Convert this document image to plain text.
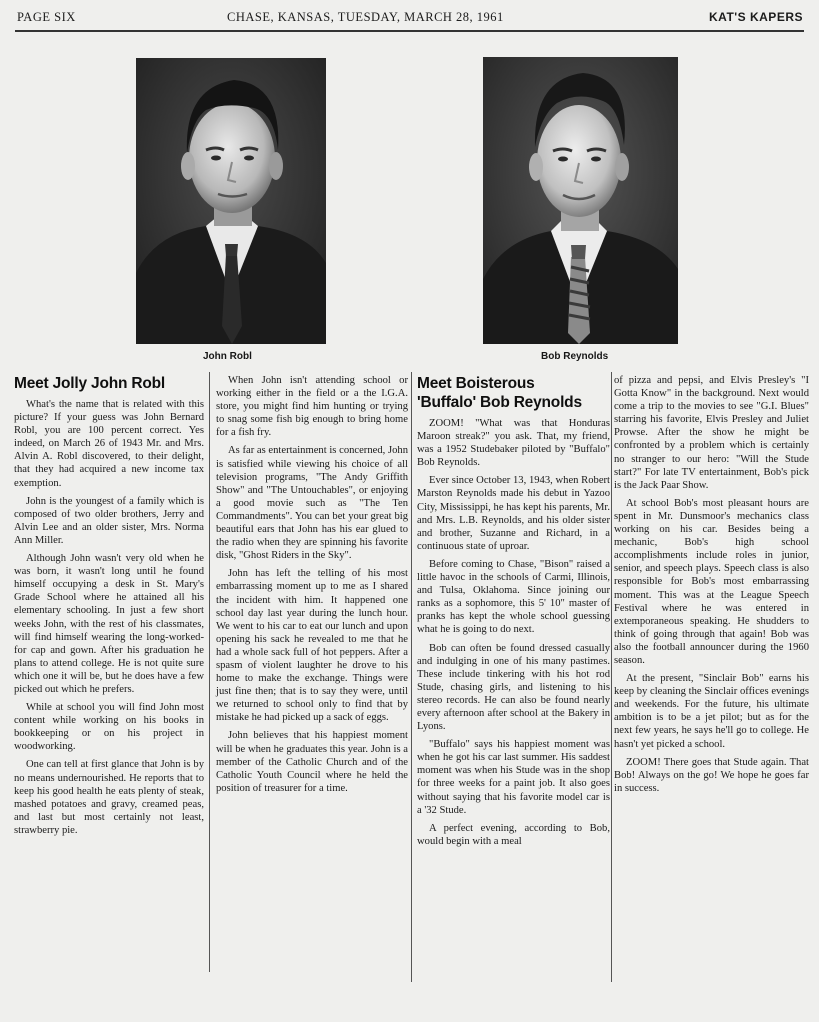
PAGE SIX	CHASE, KANSAS, TUESDAY, MARCH 28, 1961	KAT'S KAPERS
John Robl	Bob Reynolds
Meet Jolly John Robl

What's the name that is related with this picture? If your guess was John Bernard Robl, you are 100 percent correct. Yes indeed, on March 26 of 1943 Mr. and Mrs. Alvin A. Robl discovered, to their delight, that they had acquired a new income tax exemption.

John is the youngest of a family which is composed of two older brothers, Jerry and Alvin Lee and an older sister, Mrs. Norma Ann Miller.

Although John wasn't very old when he was born, it wasn't long until he found himself occupying a desk in St. Mary's Grade School where he attained all his elementary schooling. In just a few short weeks John, with the rest of his classmates, will find himself wearing the long-worked-for cap and gown. After his graduation he plans to attend college. He is not quite sure which one it will be, but he does have a few picked out which he prefers.

While at school you will find John most content while working on his books in bookkeeping or on his project in woodworking.

One can tell at first glance that John is by no means undernourished. He reports that to keep his good health he eats plenty of steak, mashed potatoes and gravy, creamed peas, and last but most certainly not least, strawberry pie.

When John isn't attending school or working either in the field or a the I.G.A. store, you might find him hunting or trying to snag some fish big enough to bring home for a fish fry.

As far as entertainment is concerned, John is satisfied while viewing his choice of all television programs, "The Andy Griffith Show" and "The Untouchables", or enjoying a good movie such as "The Ten Commandments". You can bet your great big beautiful ears that John has his ear glued to the radio when they are spinning his favorite disk, "Ghost Riders in the Sky".

John has left the telling of his most embarrassing moment up to me as I shared the incident with him. It happened one school day last year during the lunch hour. We went to his car to eat our lunch and upon opening his sack he revealed to me that he had a whole sack full of hot peppers. After a spasm of violent laughter he drove to his home to make the exchange. Things were just fine then; that is to say they were, until we returned to school only to find that by mistake he had picked up a sack of eggs.

John believes that his happiest moment will be when he graduates this year. John is a member of the Catholic Church and of the Catholic Youth Council where he held the position of treasurer for a time.

Meet Boisterous
'Buffalo' Bob Reynolds

ZOOM! "What was that Honduras Maroon streak?" you ask. That, my friend, was a 1952 Studebaker piloted by "Buffalo" Bob Reynolds.

Ever since October 13, 1943, when Robert Marston Reynolds made his debut in Yazoo City, Mississippi, he has kept his parents, Mr. and Mrs. L.B. Reynolds, and his older sister and brother, Suzanne and Richard, in a continuous state of uproar.

Before coming to Chase, "Bison" raised a little havoc in the schools of Carmi, Illinois, and Tulsa, Oklahoma. Since joining our ranks as a sophomore, this 5' 10" master of pranks has kept the whole school guessing what he is going to do next.

Bob can often be found dressed casually and indulging in one of his many pastimes. These include tinkering with his hot rod Stude, chasing girls, and listening to his stereo records. He can also be found nearly every afternoon after school at the Bakery in Lyons.

"Buffalo" says his happiest moment was when he got his car last summer. His saddest moment was when his Stude was in the shop for three weeks for a paint job. It also goes without saying that his favorite model car is a '32 Stude.

A perfect evening, according to Bob, would begin with a meal

of pizza and pepsi, and Elvis Presley's "I Gotta Know" in the background. Next would come a trip to the movies to see "G.I. Blues" starring his favorite, Elvis Presley and Juliet Prowse. After the show he might be confronted by a problem which is certainly no stranger to our hero: "Will the Stude start?" For late TV entertainment, Bob's pick is the Jack Paar Show.

At school Bob's most pleasant hours are spent in Mr. Dunsmoor's mechanics class working on his car. Besides being a mechanic, Bob's high school accomplishments include roles in junior, senior, and speech plays. Speech class is also responsible for Bob's most embarrassing moment. This was at the League Speech Festival where he was entered in extemporaneous speaking. He shudders to think of going through that again! Bob was also the football announcer during the 1960 season.

At the present, "Sinclair Bob" earns his keep by cleaning the Sinclair offices evenings and weekends. For the future, his ultimate ambition is to be a jet pilot; but as for the next few years, he says he'll go to college. He hasn't yet picked a school.

ZOOM! There goes that Stude again. That Bob! Always on the go! We hope he goes far in success.
